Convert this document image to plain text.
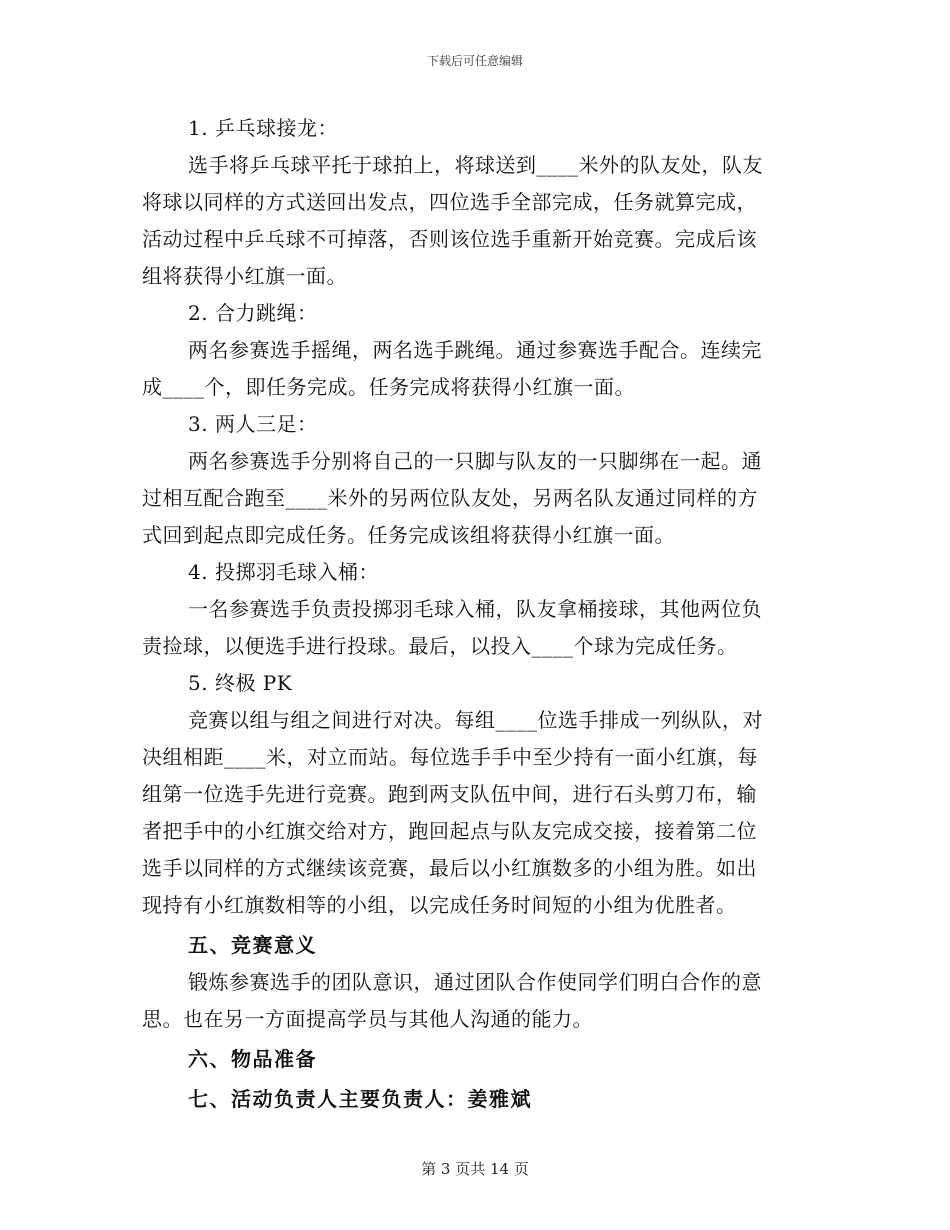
下载后可任意编辑
1. 乒乓球接龙：
选手将乒乓球平托于球拍上，将球送到____米外的队友处，队友
将球以同样的方式送回出发点，四位选手全部完成，任务就算完成，
活动过程中乒乓球不可掉落，否则该位选手重新开始竞赛。完成后该
组将获得小红旗一面。
2. 合力跳绳：
两名参赛选手摇绳，两名选手跳绳。通过参赛选手配合。连续完
成____个，即任务完成。任务完成将获得小红旗一面。
3. 两人三足：
两名参赛选手分别将自己的一只脚与队友的一只脚绑在一起。通
过相互配合跑至____米外的另两位队友处，另两名队友通过同样的方
式回到起点即完成任务。任务完成该组将获得小红旗一面。
4. 投掷羽毛球入桶：
一名参赛选手负责投掷羽毛球入桶，队友拿桶接球，其他两位负
责捡球，以便选手进行投球。最后，以投入____个球为完成任务。
5. 终极 PK
竞赛以组与组之间进行对决。每组____位选手排成一列纵队，对
决组相距____米，对立而站。每位选手手中至少持有一面小红旗，每
组第一位选手先进行竞赛。跑到两支队伍中间，进行石头剪刀布，输
者把手中的小红旗交给对方，跑回起点与队友完成交接，接着第二位
选手以同样的方式继续该竞赛，最后以小红旗数多的小组为胜。如出
现持有小红旗数相等的小组，以完成任务时间短的小组为优胜者。
五、竞赛意义
锻炼参赛选手的团队意识，通过团队合作使同学们明白合作的意
思。也在另一方面提高学员与其他人沟通的能力。
六、物品准备
七、活动负责人主要负责人：姜雅斌
第 3 页共 14 页
